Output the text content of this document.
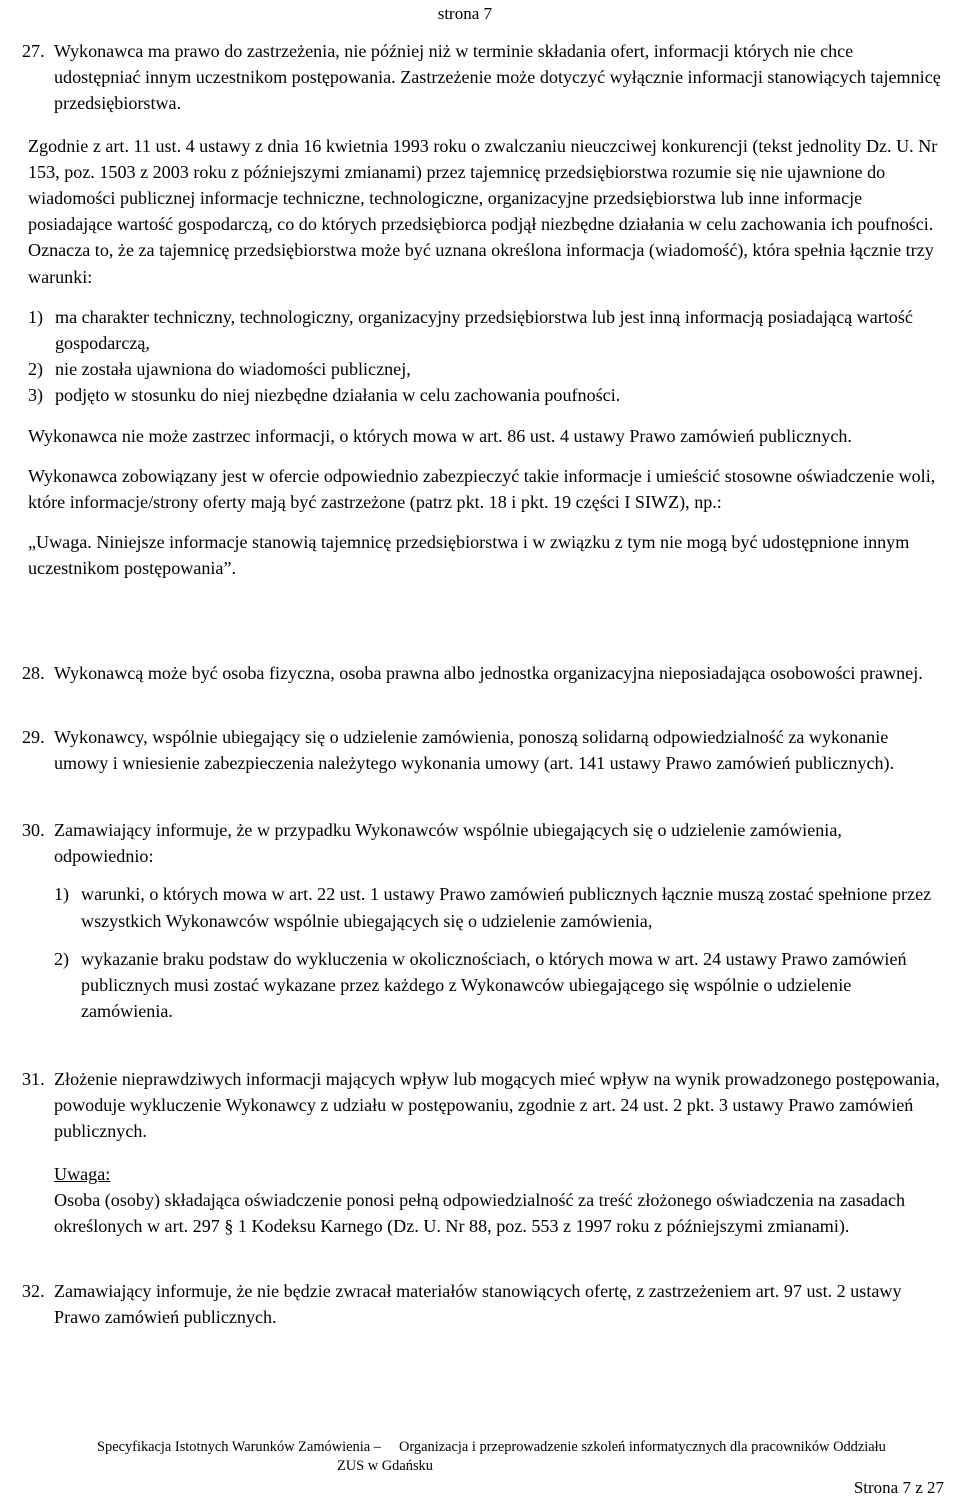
strona 7
27. Wykonawca ma prawo do zastrzeżenia, nie później niż w terminie składania ofert, informacji których nie chce udostępniać innym uczestnikom postępowania. Zastrzeżenie może dotyczyć wyłącznie informacji stanowiących tajemnicę przedsiębiorstwa.

Zgodnie z art. 11 ust. 4 ustawy z dnia 16 kwietnia 1993 roku o zwalczaniu nieuczciwej konkurencji (tekst jednolity Dz. U. Nr 153, poz. 1503 z 2003 roku z późniejszymi zmianami) przez tajemnicę przedsiębiorstwa rozumie się nie ujawnione do wiadomości publicznej informacje techniczne, technologiczne, organizacyjne przedsiębiorstwa lub inne informacje posiadające wartość gospodarczą, co do których przedsiębiorca podjął niezbędne działania w celu zachowania ich poufności. Oznacza to, że za tajemnicę przedsiębiorstwa może być uznana określona informacja (wiadomość), która spełnia łącznie trzy warunki:

1) ma charakter techniczny, technologiczny, organizacyjny przedsiębiorstwa lub jest inną informacją posiadającą wartość gospodarczą,
2) nie została ujawniona do wiadomości publicznej,
3) podjęto w stosunku do niej niezbędne działania w celu zachowania poufności.

Wykonawca nie może zastrzec informacji, o których mowa w art. 86 ust. 4 ustawy Prawo zamówień publicznych.

Wykonawca zobowiązany jest w ofercie odpowiednio zabezpieczyć takie informacje i umieścić stosowne oświadczenie woli, które informacje/strony oferty mają być zastrzeżone (patrz pkt. 18 i pkt. 19 części I SIWZ), np.:

„Uwaga. Niniejsze informacje stanowią tajemnicę przedsiębiorstwa i w związku z tym nie mogą być udostępnione innym uczestnikom postępowania”.

28. Wykonawcą może być osoba fizyczna, osoba prawna albo jednostka organizacyjna nieposiadająca osobowości prawnej.

29. Wykonawcy, wspólnie ubiegający się o udzielenie zamówienia, ponoszą solidarną odpowiedzialność za wykonanie umowy i wniesienie zabezpieczenia należytego wykonania umowy (art. 141 ustawy Prawo zamówień publicznych).

30. Zamawiający informuje, że w przypadku Wykonawców wspólnie ubiegających się o udzielenie zamówienia, odpowiednio:

1) warunki, o których mowa w art. 22 ust. 1 ustawy Prawo zamówień publicznych łącznie muszą zostać spełnione przez wszystkich Wykonawców wspólnie ubiegających się o udzielenie zamówienia,
2) wykazanie braku podstaw do wykluczenia w okolicznościach, o których mowa w art. 24 ustawy Prawo zamówień publicznych musi zostać wykazane przez każdego z Wykonawców ubiegającego się wspólnie o udzielenie zamówienia.
31. Złożenie nieprawdziwych informacji mających wpływ lub mogących mieć wpływ na wynik prowadzonego postępowania, powoduje wykluczenie Wykonawcy z udziału w postępowaniu, zgodnie z art. 24 ust. 2 pkt. 3 ustawy Prawo zamówień publicznych.

Uwaga:

Osoba (osoby) składająca oświadczenie ponosi pełną odpowiedzialność za treść złożonego oświadczenia na zasadach określonych w art. 297 § 1 Kodeksu Karnego (Dz. U. Nr 88, poz. 553 z 1997 roku z późniejszymi zmianami).

32. Zamawiający informuje, że nie będzie zwracał materiałów stanowiących ofertę, z zastrzeżeniem art. 97 ust. 2 ustawy Prawo zamówień publicznych.

Specyfikacja Istotnych Warunków Zamówienia – Organizacja i przeprowadzenie szkoleń informatycznych dla pracowników Oddziału
ZUS w Gdańsku
Strona 7 z 27
